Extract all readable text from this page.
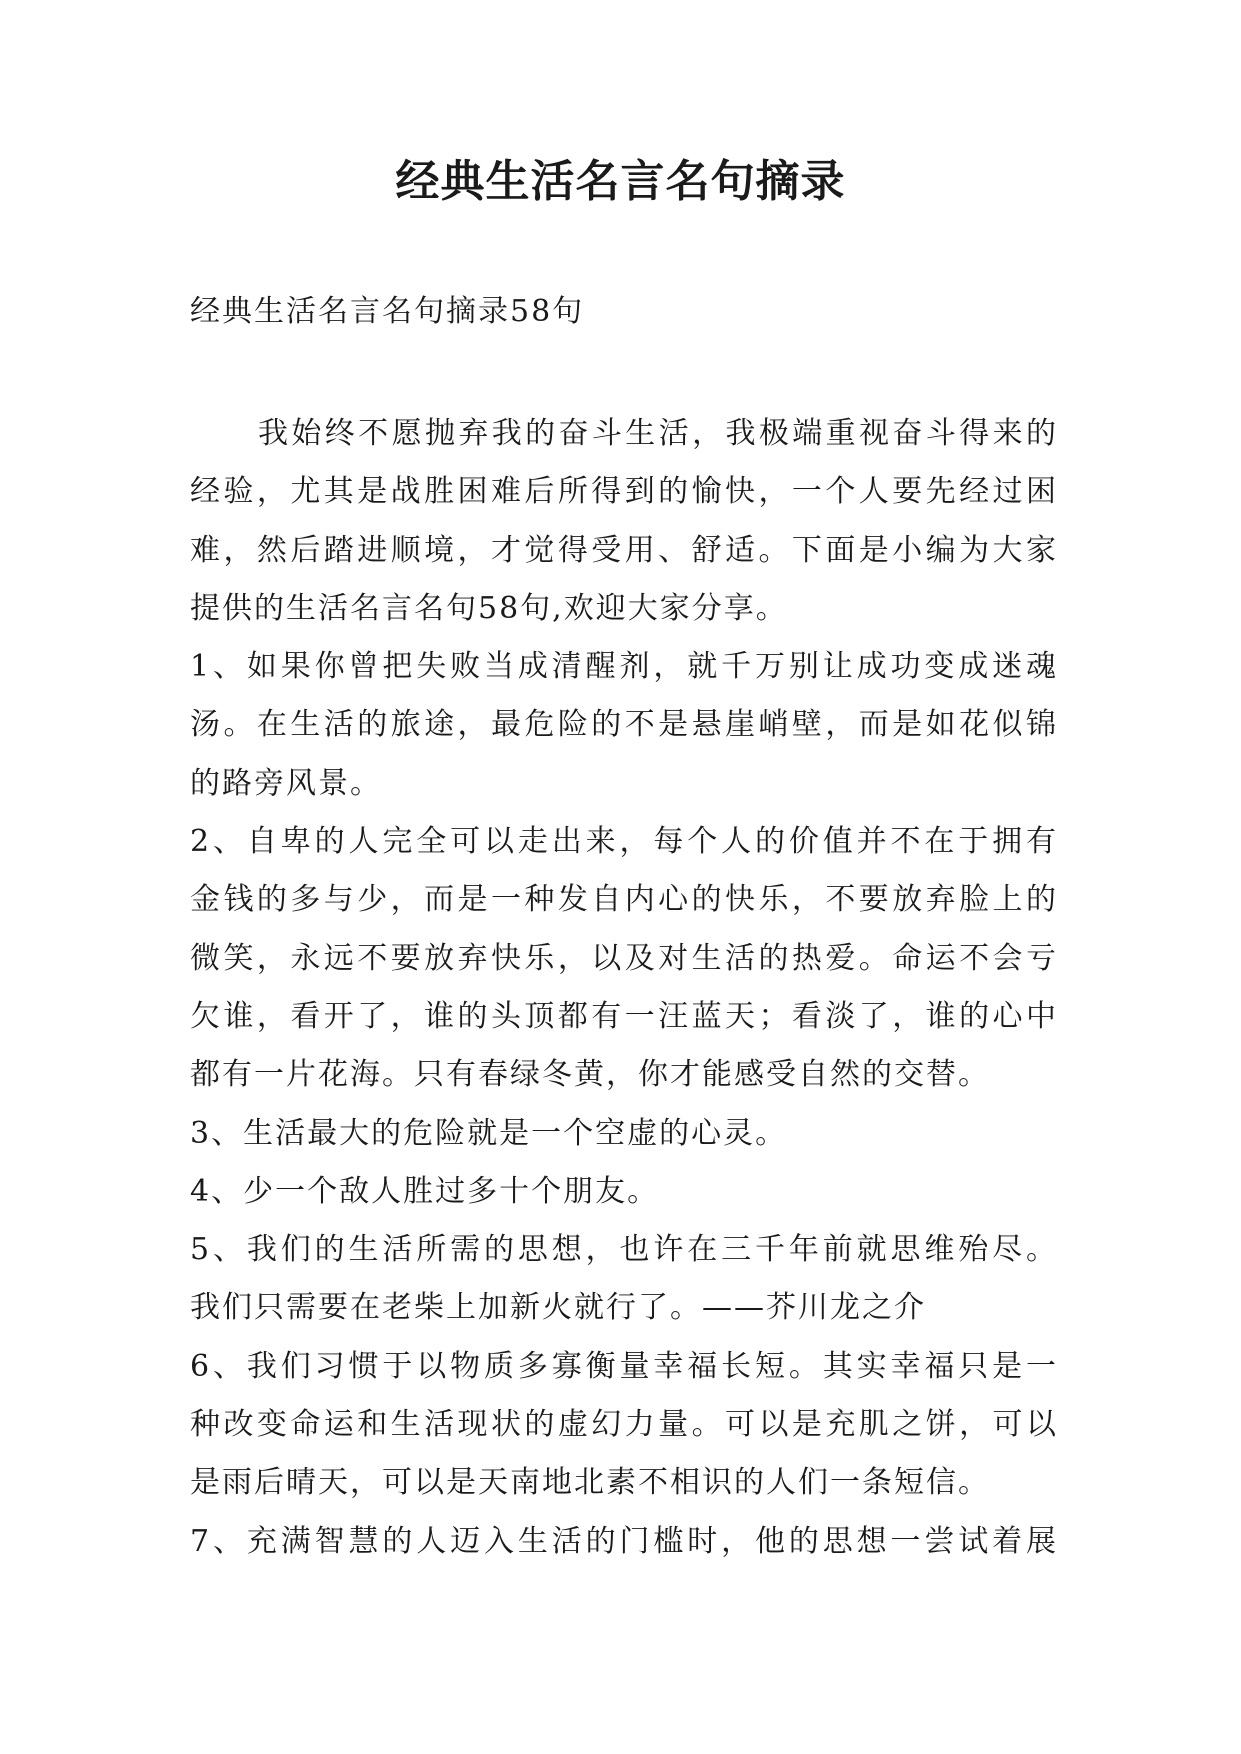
经典生活名言名句摘录

经典生活名言名句摘录58句

我始终不愿抛弃我的奋斗生活，我极端重视奋斗得来的
经验，尤其是战胜困难后所得到的愉快，一个人要先经过困
难，然后踏进顺境，才觉得受用、舒适。下面是小编为大家
提供的生活名言名句58句,欢迎大家分享。
1、如果你曾把失败当成清醒剂，就千万别让成功变成迷魂
汤。在生活的旅途，最危险的不是悬崖峭壁，而是如花似锦
的路旁风景。
2、自卑的人完全可以走出来，每个人的价值并不在于拥有
金钱的多与少，而是一种发自内心的快乐，不要放弃脸上的
微笑，永远不要放弃快乐，以及对生活的热爱。命运不会亏
欠谁，看开了，谁的头顶都有一汪蓝天；看淡了，谁的心中
都有一片花海。只有春绿冬黄，你才能感受自然的交替。
3、生活最大的危险就是一个空虚的心灵。
4、少一个敌人胜过多十个朋友。
5、我们的生活所需的思想，也许在三千年前就思维殆尽。
我们只需要在老柴上加新火就行了。——芥川龙之介
6、我们习惯于以物质多寡衡量幸福长短。其实幸福只是一
种改变命运和生活现状的虚幻力量。可以是充肌之饼，可以
是雨后晴天，可以是天南地北素不相识的人们一条短信。
7、充满智慧的人迈入生活的门槛时，他的思想一尝试着展
